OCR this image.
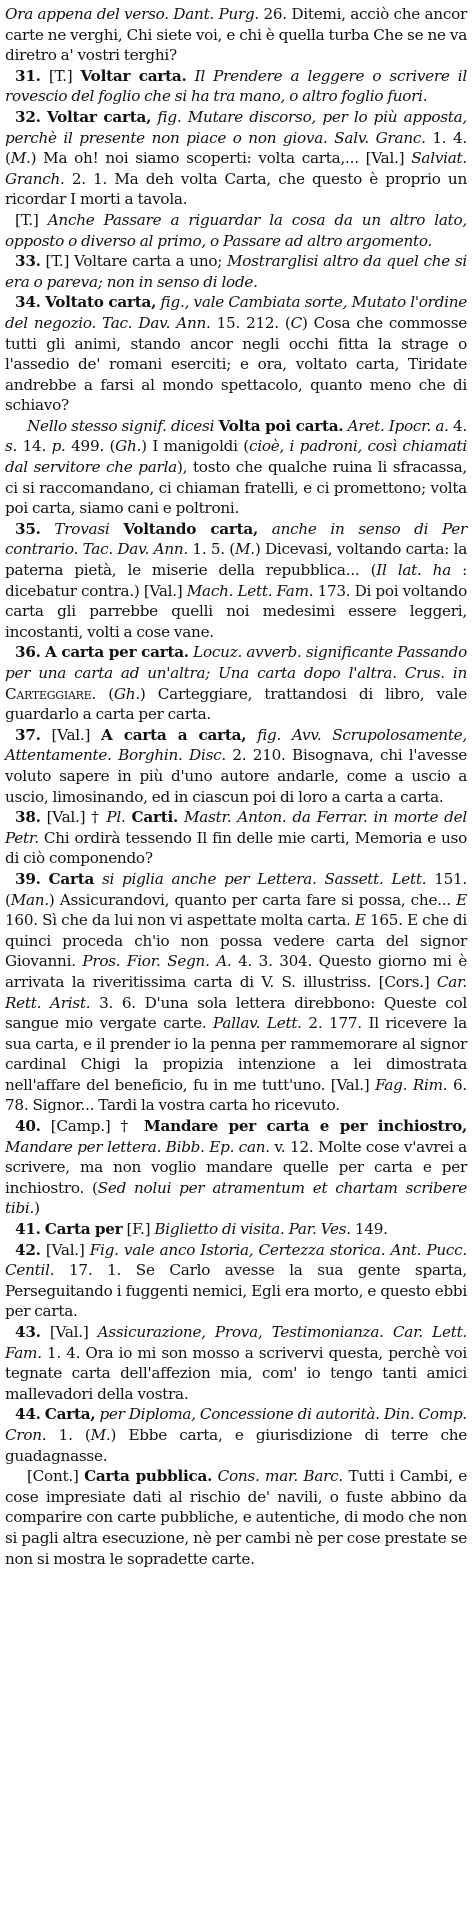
Ora appena del verso. Dant. Purg. 26. Ditemi, acciò che ancor carte ne verghi, Chi siete voi, e chi è quella turba Che se ne va diretro a' vostri terghi?

31. [T.] Voltar carta. Il Prendere a leggere o scrivere il rovescio del foglio che si ha tra mano, o altro foglio fuori.

32. Voltar carta, fig. Mutare discorso, per lo più apposta, perchè il presente non piace o non giova. Salv. Granc. 1. 4. (M.) Ma oh! noi siamo scoperti: volta carta,... [Val.] Salviat. Granch. 2. 1. Ma deh volta Carta, che questo è proprio un ricordar I morti a tavola.

[T.] Anche Passare a riguardar la cosa da un altro lato, opposto o diverso al primo, o Passare ad altro argomento.

33. [T.] Voltare carta a uno; Mostrarglisi altro da quel che si era o pareva; non in senso di lode.

34. Voltato carta, fig., vale Cambiata sorte, Mutato l'ordine del negozio. Tac. Dav. Ann. 15. 212. (C) Cosa che commosse tutti gli animi, stando ancor negli occhi fitta la strage o l'assedio de' romani eserciti; e ora, voltato carta, Tiridate andrebbe a farsi al mondo spettacolo, quanto meno che di schiavo?

Nello stesso signif. dicesi Volta poi carta. Aret. Ipocr. a. 4. s. 14. p. 499. (Gh.) I manigoldi (cioè, i padroni, così chiamati dal servitore che parla), tosto che qualche ruina li sfracassa, ci si raccomandano, ci chiaman fratelli, e ci promettono; volta poi carta, siamo cani e poltroni.

35. Trovasi Voltando carta, anche in senso di Per contrario. Tac. Dav. Ann. 1. 5. (M.) Dicevasi, voltando carta: la paterna pietà, le miserie della repubblica... (Il lat. ha : dicebatur contra.) [Val.] Mach. Lett. Fam. 173. Di poi voltando carta gli parrebbe quelli noi medesimi essere leggeri, incostanti, volti a cose vane.

36. A carta per carta. Locuz. avverb. significante Passando per una carta ad un'altra; Una carta dopo l'altra. Crus. in Carteggiare. (Gh.) Carteggiare, trattandosi di libro, vale guardarlo a carta per carta.

37. [Val.] A carta a carta, fig. Avv. Scrupolosamente, Attentamente. Borghin. Disc. 2. 210. Bisognava, chi l'avesse voluto sapere in più d'uno autore andarle, come a uscio a uscio, limosinando, ed in ciascun poi di loro a carta a carta.

38. [Val.] † Pl. Carti. Mastr. Anton. da Ferrar. in morte del Petr. Chi ordirà tessendo Il fin delle mie carti, Memoria e uso di ciò componendo?

39. Carta si piglia anche per Lettera. Sassett. Lett. 151. (Man.) Assicurandovi, quanto per carta fare si possa, che... E 160. Sì che da lui non vi aspettate molta carta. E 165. E che di quinci proceda ch'io non possa vedere carta del signor Giovanni. Pros. Fior. Segn. A. 4. 3. 304. Questo giorno mi è arrivata la riveritissima carta di V. S. illustriss. [Cors.] Car. Rett. Arist. 3. 6. D'una sola lettera direbbono: Queste col sangue mio vergate carte. Pallav. Lett. 2. 177. Il ricevere la sua carta, e il prender io la penna per rammemorare al signor cardinal Chigi la propizia intenzione a lei dimostrata nell'affare del beneficio, fu in me tutt'uno. [Val.] Fag. Rim. 6. 78. Signor... Tardi la vostra carta ho ricevuto.

40. [Camp.] † Mandare per carta e per inchiostro, Mandare per lettera. Bibb. Ep. can. v. 12. Molte cose v'avrei a scrivere, ma non voglio mandare quelle per carta e per inchiostro. (Sed nolui per atramentum et chartam scribere tibi.)

41. Carta per [F.] Biglietto di visita. Par. Ves. 149.

42. [Val.] Fig. vale anco Istoria, Certezza storica. Ant. Pucc. Centil. 17. 1. Se Carlo avesse la sua gente sparta, Perseguitando i fuggenti nemici, Egli era morto, e questo ebbi per carta.

43. [Val.] Assicurazione, Prova, Testimonianza. Car. Lett. Fam. 1. 4. Ora io mi son mosso a scrivervi questa, perchè voi tegnate carta dell'affezion mia, com' io tengo tanti amici mallevadori della vostra.

44. Carta, per Diploma, Concessione di autorità. Din. Comp. Cron. 1. (M.) Ebbe carta, e giurisdizione di terre che guadagnasse.

[Cont.] Carta pubblica. Cons. mar. Barc. Tutti i Cambi, e cose impresiate dati al rischio de' navili, o fuste abbino da comparire con carte pubbliche, e autentiche, di modo che non si pagli altra esecuzione, nè per cambi nè per cose prestate se non si mostra le sopradette carte.
